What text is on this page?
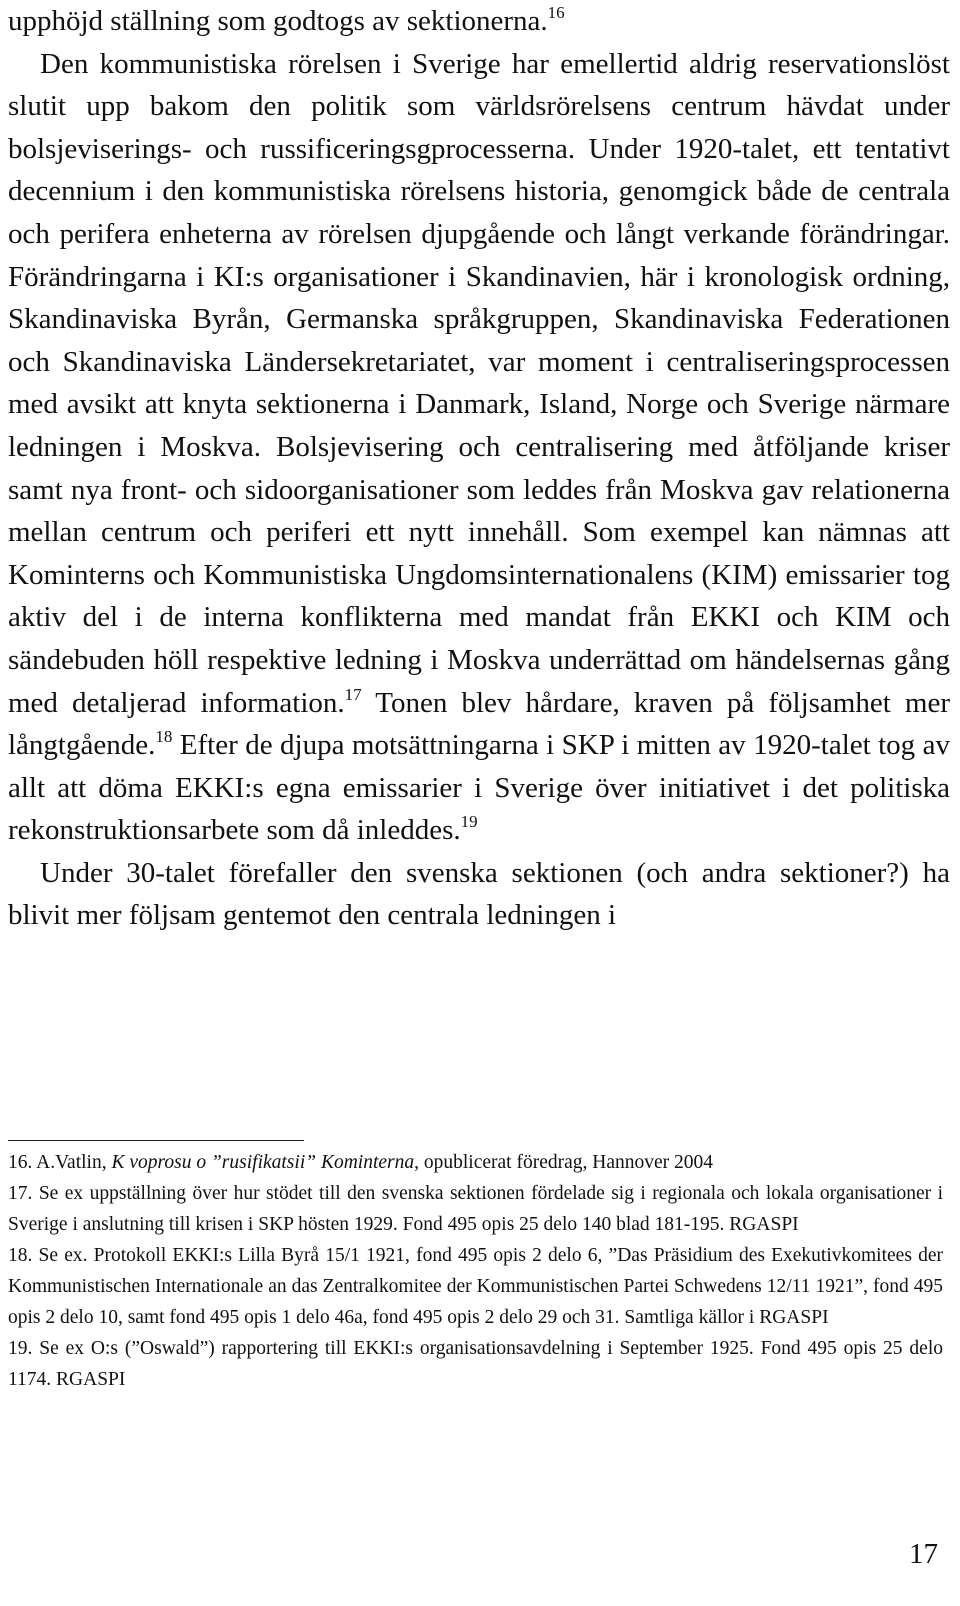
upphöjd ställning som godtogs av sektionerna.$^{16}$

Den kommunistiska rörelsen i Sverige har emellertid aldrig reservationslöst slutit upp bakom den politik som världsrörelsens centrum hävdat under bolsjeviserings- och russificeringsgprocesserna. Under 1920-talet, ett tentativt decennium i den kommunistiska rörelsens historia, genomgick både de centrala och perifera enheterna av rörelsen djupgående och långt verkande förändringar. Förändringarna i KI:s organisationer i Skandinavien, här i kronologisk ordning, Skandinaviska Byrån, Germanska språkgruppen, Skandinaviska Federationen och Skandinaviska Ländersekretariatet, var moment i centraliseringsprocessen med avsikt att knyta sektionerna i Danmark, Island, Norge och Sverige närmare ledningen i Moskva. Bolsjevisering och centralisering med åtföljande kriser samt nya front- och sidoorganisationer som leddes från Moskva gav relationerna mellan centrum och periferi ett nytt innehåll. Som exempel kan nämnas att Kominterns och Kommunistiska Ungdomsinternationalens (KIM) emissarier tog aktiv del i de interna konflikterna med mandat från EKKI och KIM och sändebuden höll respektive ledning i Moskva underrättad om händelsernas gång med detaljerad information.$^{17}$ Tonen blev hårdare, kraven på följsamhet mer långtgående.$^{18}$ Efter de djupa motsättningarna i SKP i mitten av 1920-talet tog av allt att döma EKKI:s egna emissarier i Sverige över initiativet i det politiska rekonstruktionsarbete som då inleddes.$^{19}$

Under 30-talet förefaller den svenska sektionen (och andra sektioner?) ha blivit mer följsam gentemot den centrala ledningen i

16. A.Vatlin, K voprosu o ”rusifikatsii” Kominterna, opublicerat föredrag, Hannover 2004

17. Se ex uppställning över hur stödet till den svenska sektionen fördelade sig i regionala och lokala organisationer i Sverige i anslutning till krisen i SKP hösten 1929. Fond 495 opis 25 delo 140 blad 181-195. RGASPI

18. Se ex. Protokoll EKKI:s Lilla Byrå 15/1 1921, fond 495 opis 2 delo 6, ”Das Präsidium des Exekutivkomitees der Kommunistischen Internationale an das Zentralkomitee der Kommunistischen Partei Schwedens 12/11 1921”, fond 495 opis 2 delo 10, samt fond 495 opis 1 delo 46a, fond 495 opis 2 delo 29 och 31. Samtliga källor i RGASPI

19. Se ex O:s (”Oswald”) rapportering till EKKI:s organisationsavdelning i September 1925. Fond 495 opis 25 delo 1174. RGASPI

17
